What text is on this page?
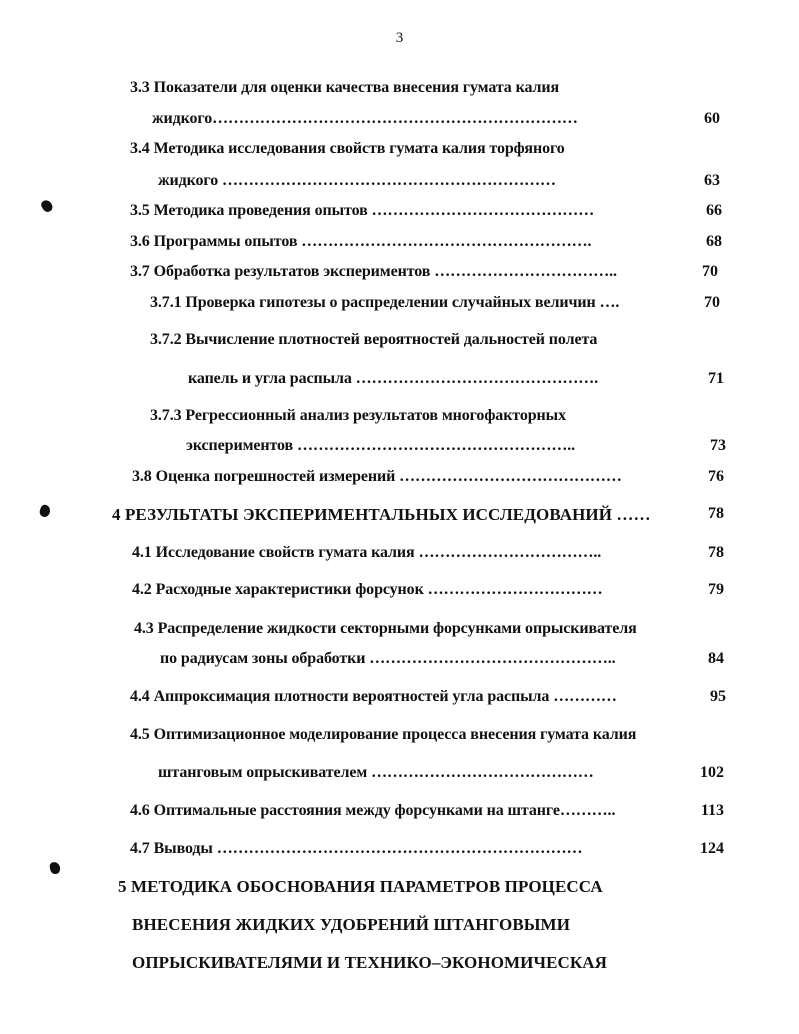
3
3.3 Показатели для оценки качества внесения гумата калия
жидкого……………………………………………………………	60
3.4 Методика исследования свойств гумата калия торфяного
жидкого ………………………………………………………	63
3.5 Методика проведения опытов ……………………………………	66
3.6 Программы опытов ……………………………………………….	68
3.7 Обработка результатов экспериментов ……………………………..	70
3.7.1 Проверка гипотезы о распределении случайных величин ….	70
3.7.2 Вычисление плотностей вероятностей дальностей полета
капель и угла распыла ……………………………………….	71
3.7.3 Регрессионный анализ результатов многофакторных
экспериментов ……………………………………………..	73
3.8 Оценка погрешностей измерений ……………………………………	76
4 РЕЗУЛЬТАТЫ ЭКСПЕРИМЕНТАЛЬНЫХ ИССЛЕДОВАНИЙ ……	78
4.1 Исследование свойств гумата калия ……………………………..	78
4.2 Расходные характеристики форсунок ……………………………	79
4.3 Распределение жидкости секторными форсунками опрыскивателя
по радиусам зоны обработки ………………………………………..	84
4.4 Аппроксимация плотности вероятностей угла распыла …………	95
4.5 Оптимизационное моделирование процесса внесения гумата калия
штанговым опрыскивателем ……………………………………	102
4.6 Оптимальные расстояния между форсунками на штанге………..	113
4.7 Выводы ……………………………………………………………	124
5 МЕТОДИКА ОБОСНОВАНИЯ ПАРАМЕТРОВ ПРОЦЕССА
ВНЕСЕНИЯ ЖИДКИХ УДОБРЕНИЙ ШТАНГОВЫМИ
ОПРЫСКИВАТЕЛЯМИ И ТЕХНИКО–ЭКОНОМИЧЕСКАЯ
